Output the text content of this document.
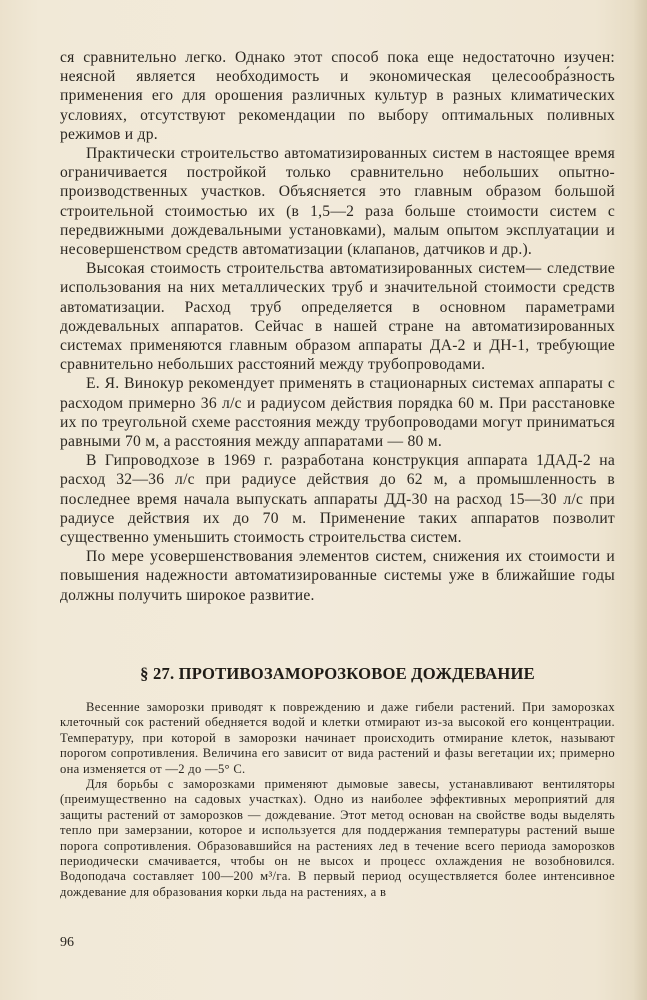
ся сравнительно легко. Однако этот способ пока еще недостаточно изучен: неясной является необходимость и экономическая целесообра́зность применения его для орошения различных культур в разных климатических условиях, отсутствуют рекомендации по выбору оптимальных поливных режимов и др.

Практически строительство автоматизированных систем в настоящее время ограничивается постройкой только сравнительно небольших опытно-производственных участков. Объясняется это главным образом большой строительной стоимостью их (в 1,5—2 раза больше стоимости систем с передвижными дождевальными установками), малым опытом эксплуатации и несовершенством средств автоматизации (клапанов, датчиков и др.).

Высокая стоимость строительства автоматизированных систем— следствие использования на них металлических труб и значительной стоимости средств автоматизации. Расход труб определяется в основном параметрами дождевальных аппаратов. Сейчас в нашей стране на автоматизированных системах применяются главным образом аппараты ДА-2 и ДН-1, требующие сравнительно небольших расстояний между трубопроводами.

Е. Я. Винокур рекомендует применять в стационарных системах аппараты с расходом примерно 36 л/с и радиусом действия порядка 60 м. При расстановке их по треугольной схеме расстояния между трубопроводами могут приниматься равными 70 м, а расстояния между аппаратами — 80 м.

В Гипроводхозе в 1969 г. разработана конструкция аппарата 1ДАД-2 на расход 32—36 л/с при радиусе действия до 62 м, а промышленность в последнее время начала выпускать аппараты ДД-30 на расход 15—30 л/с при радиусе действия их до 70 м. Применение таких аппаратов позволит существенно уменьшить стоимость строительства систем.

По мере усовершенствования элементов систем, снижения их стоимости и повышения надежности автоматизированные системы уже в ближайшие годы должны получить широкое развитие.

§ 27. ПРОТИВОЗАМОРОЗКОВОЕ ДОЖДЕВАНИЕ

Весенние заморозки приводят к повреждению и даже гибели растений. При заморозках клеточный сок растений обедняется водой и клетки отмирают из-за высокой его концентрации. Температуру, при которой в заморозки начинает происходить отмирание клеток, называют порогом сопротивления. Величина его зависит от вида растений и фазы вегетации их; примерно она изменяется от —2 до —5° С.

Для борьбы с заморозками применяют дымовые завесы, устанавливают вентиляторы (преимущественно на садовых участках). Одно из наиболее эффективных мероприятий для защиты растений от заморозков — дождевание. Этот метод основан на свойстве воды выделять тепло при замерзании, которое и используется для поддержания температуры растений выше порога сопротивления. Образовавшийся на растениях лед в течение всего периода заморозков периодически смачивается, чтобы он не высох и процесс охлаждения не возобновился. Водоподача составляет 100—200 м³/га. В первый период осуществляется более интенсивное дождевание для образования корки льда на растениях, а в

96
